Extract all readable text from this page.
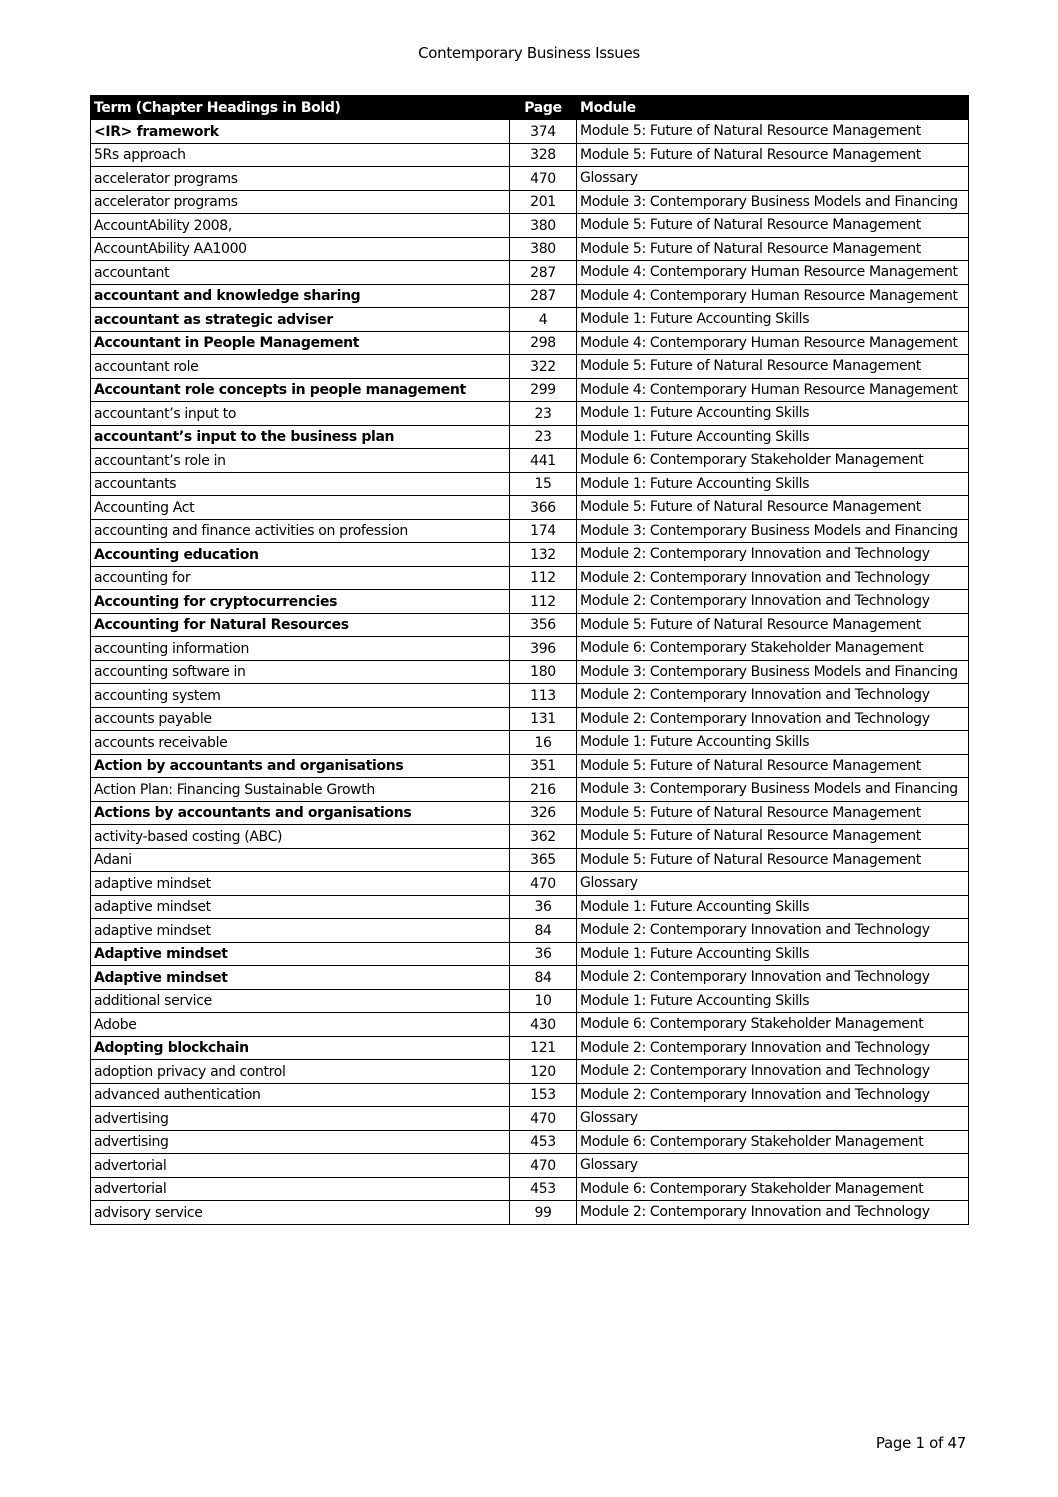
Contemporary Business Issues
Term (Chapter Headings in Bold)	Page	Module
<IR> framework	374	Module 5: Future of Natural Resource Management
5Rs approach	328	Module 5: Future of Natural Resource Management
accelerator programs	470	Glossary
accelerator programs	201	Module 3: Contemporary Business Models and Financing
AccountAbility 2008,	380	Module 5: Future of Natural Resource Management
AccountAbility AA1000	380	Module 5: Future of Natural Resource Management
accountant	287	Module 4: Contemporary Human Resource Management
accountant and knowledge sharing	287	Module 4: Contemporary Human Resource Management
accountant as strategic adviser	4	Module 1: Future Accounting Skills
Accountant in People Management	298	Module 4: Contemporary Human Resource Management
accountant role	322	Module 5: Future of Natural Resource Management
Accountant role concepts in people management	299	Module 4: Contemporary Human Resource Management
accountant’s input to	23	Module 1: Future Accounting Skills
accountant’s input to the business plan	23	Module 1: Future Accounting Skills
accountant’s role in	441	Module 6: Contemporary Stakeholder Management
accountants	15	Module 1: Future Accounting Skills
Accounting Act	366	Module 5: Future of Natural Resource Management
accounting and finance activities on profession	174	Module 3: Contemporary Business Models and Financing
Accounting education	132	Module 2: Contemporary Innovation and Technology
accounting for	112	Module 2: Contemporary Innovation and Technology
Accounting for cryptocurrencies	112	Module 2: Contemporary Innovation and Technology
Accounting for Natural Resources	356	Module 5: Future of Natural Resource Management
accounting information	396	Module 6: Contemporary Stakeholder Management
accounting software in	180	Module 3: Contemporary Business Models and Financing
accounting system	113	Module 2: Contemporary Innovation and Technology
accounts payable	131	Module 2: Contemporary Innovation and Technology
accounts receivable	16	Module 1: Future Accounting Skills
Action by accountants and organisations	351	Module 5: Future of Natural Resource Management
Action Plan: Financing Sustainable Growth	216	Module 3: Contemporary Business Models and Financing
Actions by accountants and organisations	326	Module 5: Future of Natural Resource Management
activity-based costing (ABC)	362	Module 5: Future of Natural Resource Management
Adani	365	Module 5: Future of Natural Resource Management
adaptive mindset	470	Glossary
adaptive mindset	36	Module 1: Future Accounting Skills
adaptive mindset	84	Module 2: Contemporary Innovation and Technology
Adaptive mindset	36	Module 1: Future Accounting Skills
Adaptive mindset	84	Module 2: Contemporary Innovation and Technology
additional service	10	Module 1: Future Accounting Skills
Adobe	430	Module 6: Contemporary Stakeholder Management
Adopting blockchain	121	Module 2: Contemporary Innovation and Technology
adoption privacy and control	120	Module 2: Contemporary Innovation and Technology
advanced authentication	153	Module 2: Contemporary Innovation and Technology
advertising	470	Glossary
advertising	453	Module 6: Contemporary Stakeholder Management
advertorial	470	Glossary
advertorial	453	Module 6: Contemporary Stakeholder Management
advisory service	99	Module 2: Contemporary Innovation and Technology
Page 1 of 47
